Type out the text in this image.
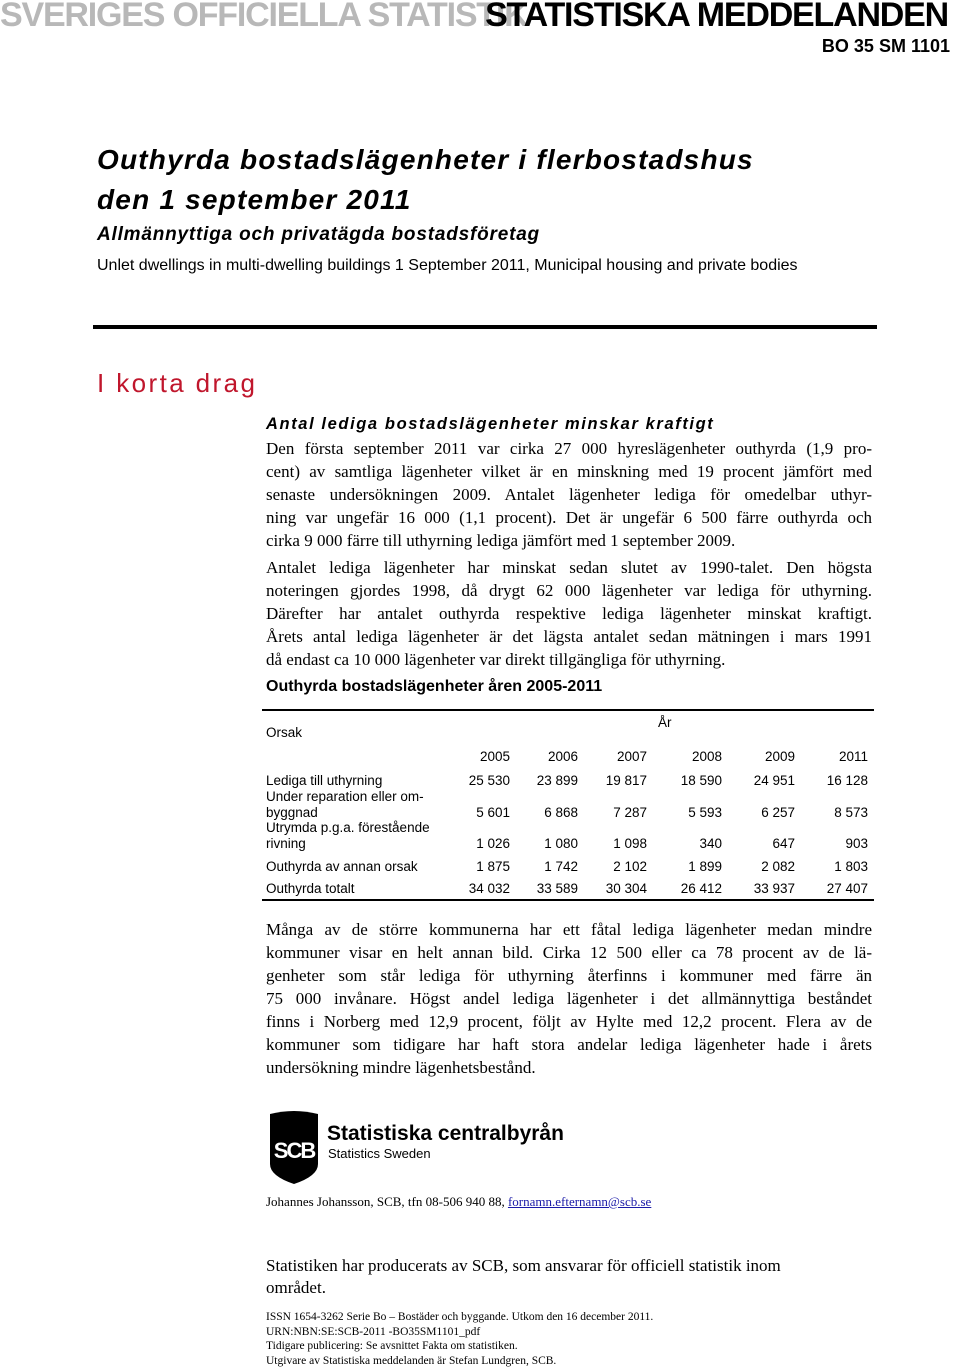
SVERIGES OFFICIELLA STATISTIK
STATISTISKA MEDDELANDEN
BO 35 SM 1101
Outhyrda bostadslägenheter i flerbostadshus
den 1 september 2011
Allmännyttiga och privatägda bostadsföretag
Unlet dwellings in multi-dwelling buildings 1 September 2011, Municipal housing and private bodies
I korta drag
Antal lediga bostadslägenheter minskar kraftigt
Den första september 2011 var cirka 27 000 hyreslägenheter outhyrda (1,9 pro-
cent) av samtliga lägenheter vilket är en minskning med 19 procent jämfört med
senaste undersökningen 2009. Antalet lägenheter lediga för omedelbar uthyr-
ning var ungefär 16 000 (1,1 procent). Det är ungefär 6 500 färre outhyrda och
cirka 9 000 färre till uthyrning lediga jämfört med 1 september 2009.
Antalet lediga lägenheter har minskat sedan slutet av 1990-talet. Den högsta
noteringen gjordes 1998, då drygt 62 000 lägenheter var lediga för uthyrning.
Därefter har antalet outhyrda respektive lediga lägenheter minskat kraftigt.
Årets antal lediga lägenheter är det lägsta antalet sedan mätningen i mars 1991
då endast ca 10 000 lägenheter var direkt tillgängliga för uthyrning.
Outhyrda bostadslägenheter åren 2005-2011
Orsak
År
2005	2006	2007	2008	2009	2011
Lediga till uthyrning	25 530	23 899	19 817	18 590	24 951	16 128
Under reparation eller om-
byggnad	5 601	6 868	7 287	5 593	6 257	8 573
Utrymda p.g.a. förestående
rivning	1 026	1 080	1 098	340	647	903
Outhyrda av annan orsak	1 875	1 742	2 102	1 899	2 082	1 803
Outhyrda totalt	34 032	33 589	30 304	26 412	33 937	27 407
Många av de större kommunerna har ett fåtal lediga lägenheter medan mindre
kommuner visar en helt annan bild. Cirka 12 500 eller ca 78 procent av de lä-
genheter som står lediga för uthyrning återfinns i kommuner med färre än
75 000 invånare. Högst andel lediga lägenheter i det allmännyttiga beståndet
finns i Norberg med 12,9 procent, följt av Hylte med 12,2 procent. Flera av de
kommuner som tidigare har haft stora andelar lediga lägenheter hade i årets
undersökning mindre lägenhetsbestånd.
SCB
Statistiska centralbyrån
Statistics Sweden
Johannes Johansson, SCB, tfn 08-506 940 88, fornamn.efternamn@scb.se
Statistiken har producerats av SCB, som ansvarar för officiell statistik inom
området.
ISSN 1654-3262 Serie Bo – Bostäder och byggande. Utkom den 16 december 2011.
URN:NBN:SE:SCB-2011 -BO35SM1101_pdf
Tidigare publicering: Se avsnittet Fakta om statistiken.
Utgivare av Statistiska meddelanden är Stefan Lundgren, SCB.
